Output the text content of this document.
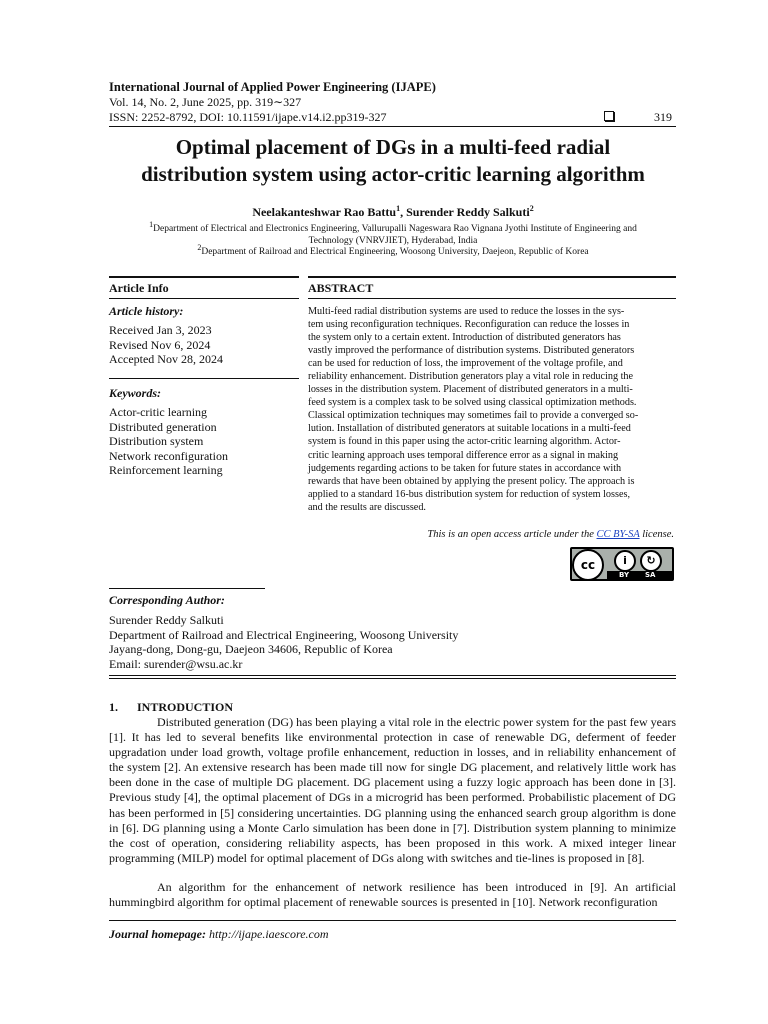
International Journal of Applied Power Engineering (IJAPE)
Vol. 14, No. 2, June 2025, pp. 319∼327
ISSN: 2252-8792, DOI: 10.11591/ijape.v14.i2.pp319-327	319
Optimal placement of DGs in a multi-feed radial
distribution system using actor-critic learning algorithm
Neelakanteshwar Rao Battu$^1$, Surender Reddy Salkuti$^2$
$^1$Department of Electrical and Electronics Engineering, Vallurupalli Nageswara Rao Vignana Jyothi Institute of Engineering and
Technology (VNRVJIET), Hyderabad, India
$^2$Department of Railroad and Electrical Engineering, Woosong University, Daejeon, Republic of Korea
Article Info	ABSTRACT
Article history:
Received Jan 3, 2023
Revised Nov 6, 2024
Accepted Nov 28, 2024
Keywords:
Actor-critic learning
Distributed generation
Distribution system
Network reconfiguration
Reinforcement learning
Multi-feed radial distribution systems are used to reduce the losses in the sys-
tem using reconfiguration techniques. Reconfiguration can reduce the losses in
the system only to a certain extent. Introduction of distributed generators has
vastly improved the performance of distribution systems. Distributed generators
can be used for reduction of loss, the improvement of the voltage profile, and
reliability enhancement. Distribution generators play a vital role in reducing the
losses in the distribution system. Placement of distributed generators in a multi-
feed system is a complex task to be solved using classical optimization methods.
Classical optimization techniques may sometimes fail to provide a converged so-
lution. Installation of distributed generators at suitable locations in a multi-feed
system is found in this paper using the actor-critic learning algorithm. Actor-
critic learning approach uses temporal difference error as a signal in making
judgements regarding actions to be taken for future states in accordance with
rewards that have been obtained by applying the present policy. The approach is
applied to a standard 16-bus distribution system for reduction of system losses,
and the results are discussed.
This is an open access article under the CC BY-SA license.
cc	i	↻
BY SA
Corresponding Author:
Surender Reddy Salkuti
Department of Railroad and Electrical Engineering, Woosong University
Jayang-dong, Dong-gu, Daejeon 34606, Republic of Korea
Email: surender@wsu.ac.kr
1. INTRODUCTION
Distributed generation (DG) has been playing a vital role in the electric power system for the past few years [1]. It has led to several benefits like environmental protection in case of renewable DG, deferment of feeder upgradation under load growth, voltage profile enhancement, reduction in losses, and in reliability enhancement of the system [2]. An extensive research has been made till now for single DG placement, and relatively little work has been done in the case of multiple DG placement. DG placement using a fuzzy logic approach has been done in [3]. Previous study [4], the optimal placement of DGs in a microgrid has been performed. Probabilistic placement of DG has been performed in [5] considering uncertainties. DG planning using the enhanced search group algorithm is done in [6]. DG planning using a Monte Carlo simulation has been done in [7]. Distribution system planning to minimize the cost of operation, considering reliability aspects, has been proposed in this work. A mixed integer linear programming (MILP) model for optimal placement of DGs along with switches and tie-lines is proposed in [8].
An algorithm for the enhancement of network resilience has been introduced in [9]. An artificial hummingbird algorithm for optimal placement of renewable sources is presented in [10]. Network reconfiguration
Journal homepage: http://ijape.iaescore.com
